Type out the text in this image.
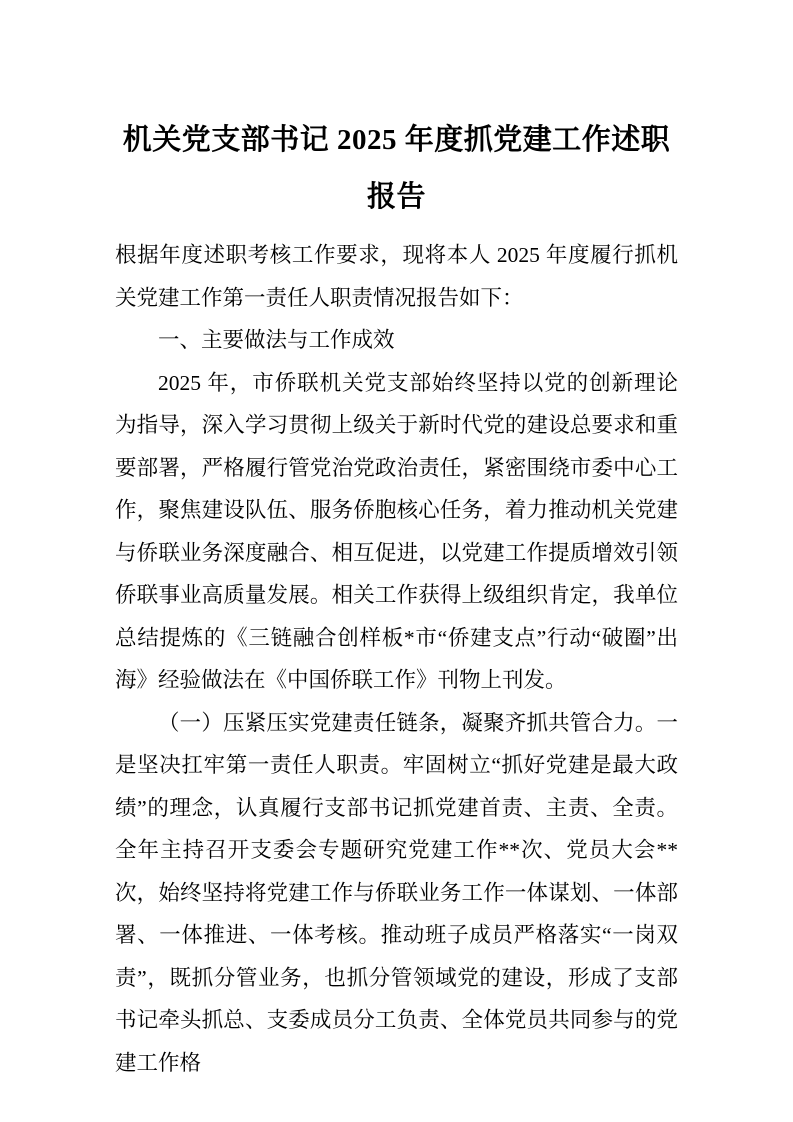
机关党支部书记 2025 年度抓党建工作述职
报告

根据年度述职考核工作要求，现将本人 2025 年度履行抓机关党建工作第一责任人职责情况报告如下：

一、主要做法与工作成效

2025 年，市侨联机关党支部始终坚持以党的创新理论为指导，深入学习贯彻上级关于新时代党的建设总要求和重要部署，严格履行管党治党政治责任，紧密围绕市委中心工作，聚焦建设队伍、服务侨胞核心任务，着力推动机关党建与侨联业务深度融合、相互促进，以党建工作提质增效引领侨联事业高质量发展。相关工作获得上级组织肯定，我单位总结提炼的《三链融合创样板*市“侨建支点”行动“破圈”出海》经验做法在《中国侨联工作》刊物上刊发。

（一）压紧压实党建责任链条，凝聚齐抓共管合力。一是坚决扛牢第一责任人职责。牢固树立“抓好党建是最大政绩”的理念，认真履行支部书记抓党建首责、主责、全责。全年主持召开支委会专题研究党建工作**次、党员大会**次，始终坚持将党建工作与侨联业务工作一体谋划、一体部署、一体推进、一体考核。推动班子成员严格落实“一岗双责”，既抓分管业务，也抓分管领域党的建设，形成了支部书记牵头抓总、支委成员分工负责、全体党员共同参与的党建工作格
